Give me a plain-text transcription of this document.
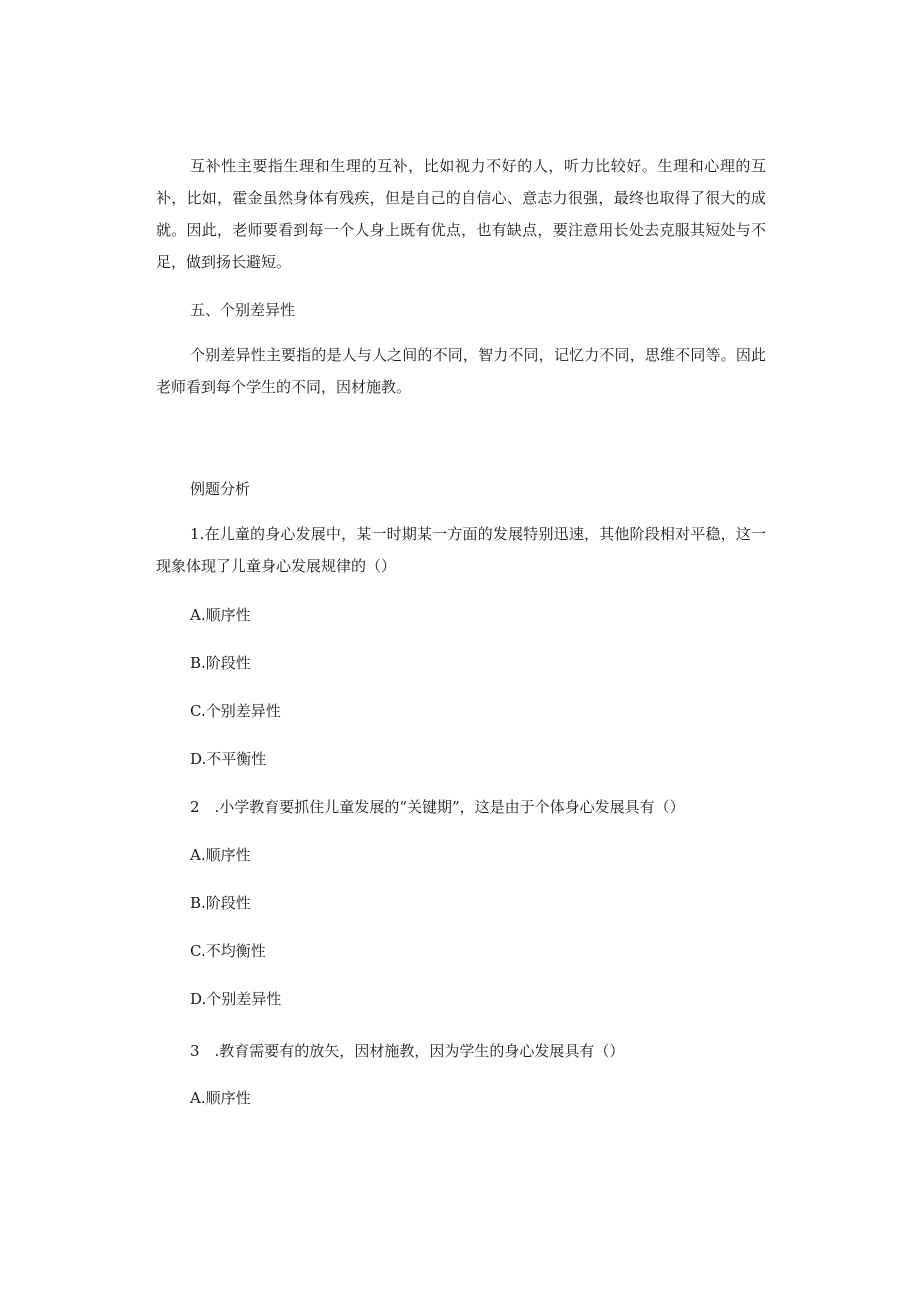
互补性主要指生理和生理的互补，比如视力不好的人，听力比较好。生理和心理的互补，比如，霍金虽然身体有残疾，但是自己的自信心、意志力很强，最终也取得了很大的成就。因此，老师要看到每一个人身上既有优点，也有缺点，要注意用长处去克服其短处与不足，做到扬长避短。

五、个别差异性

个别差异性主要指的是人与人之间的不同，智力不同，记忆力不同，思维不同等。因此老师看到每个学生的不同，因材施教。

例题分析

1.在儿童的身心发展中，某一时期某一方面的发展特别迅速，其他阶段相对平稳，这一现象体现了儿童身心发展规律的（）

A.顺序性

B.阶段性

C.个别差异性

D.不平衡性

2　.小学教育要抓住儿童发展的“关键期”，这是由于个体身心发展具有（）

A.顺序性

B.阶段性

C.不均衡性

D.个别差异性

3　.教育需要有的放矢，因材施教，因为学生的身心发展具有（）

A.顺序性
